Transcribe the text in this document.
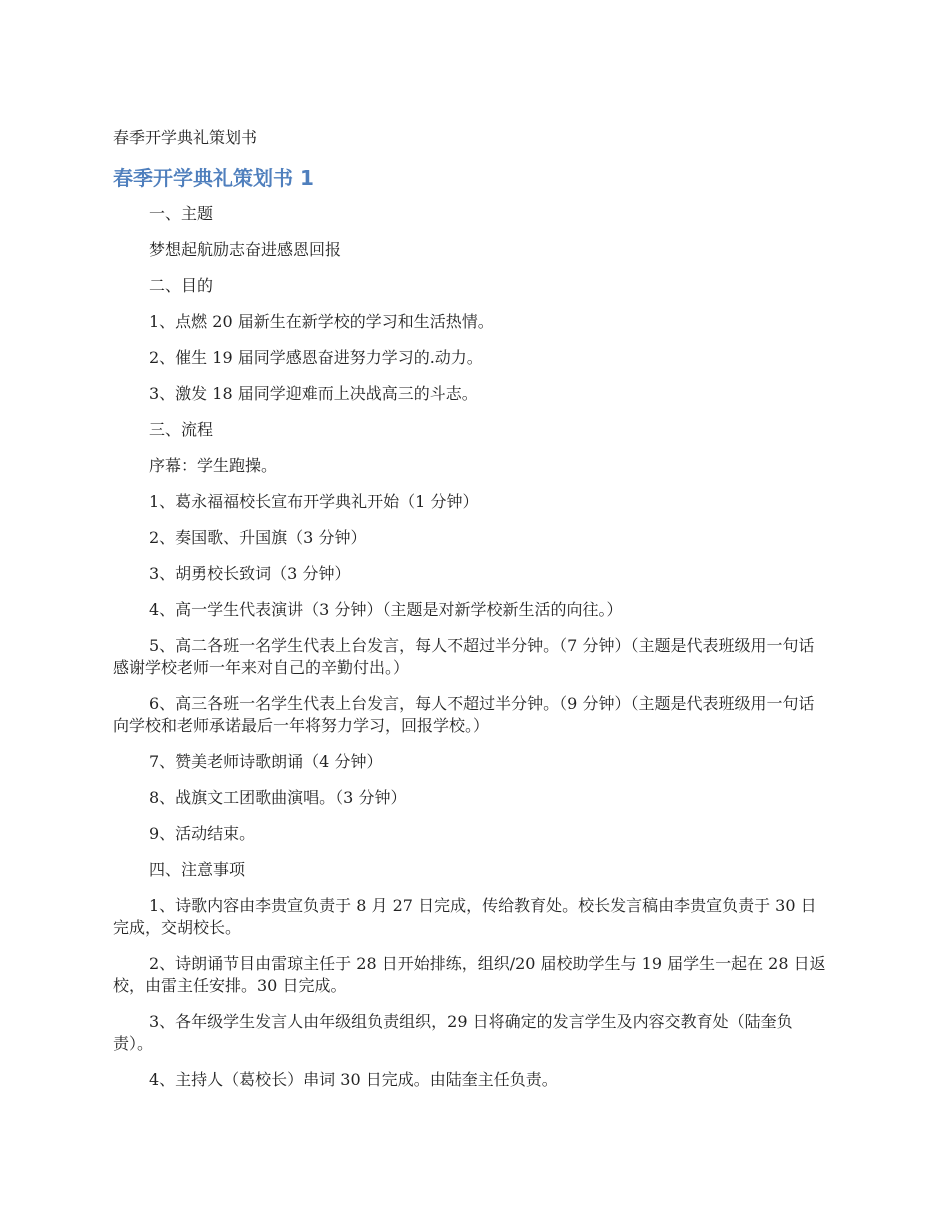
春季开学典礼策划书
春季开学典礼策划书 1

一、主题

梦想起航励志奋进感恩回报

二、目的

1、点燃 20 届新生在新学校的学习和生活热情。

2、催生 19 届同学感恩奋进努力学习的.动力。

3、激发 18 届同学迎难而上决战高三的斗志。

三、流程

序幕：学生跑操。

1、葛永福福校长宣布开学典礼开始（1 分钟）

2、奏国歌、升国旗（3 分钟）

3、胡勇校长致词（3 分钟）

4、高一学生代表演讲（3 分钟）（主题是对新学校新生活的向往。）

5、高二各班一名学生代表上台发言，每人不超过半分钟。（7 分钟）（主题是代表班级用一句话感谢学校老师一年来对自己的辛勤付出。）

6、高三各班一名学生代表上台发言，每人不超过半分钟。（9 分钟）（主题是代表班级用一句话向学校和老师承诺最后一年将努力学习，回报学校。）

7、赞美老师诗歌朗诵（4 分钟）

8、战旗文工团歌曲演唱。（3 分钟）

9、活动结束。

四、注意事项

1、诗歌内容由李贵宣负责于 8 月 27 日完成，传给教育处。校长发言稿由李贵宣负责于 30 日完成，交胡校长。

2、诗朗诵节目由雷琼主任于 28 日开始排练，组织/20 届校助学生与 19 届学生一起在 28 日返校，由雷主任安排。30 日完成。

3、各年级学生发言人由年级组负责组织，29 日将确定的发言学生及内容交教育处（陆奎负责）。

4、主持人（葛校长）串词 30 日完成。由陆奎主任负责。
